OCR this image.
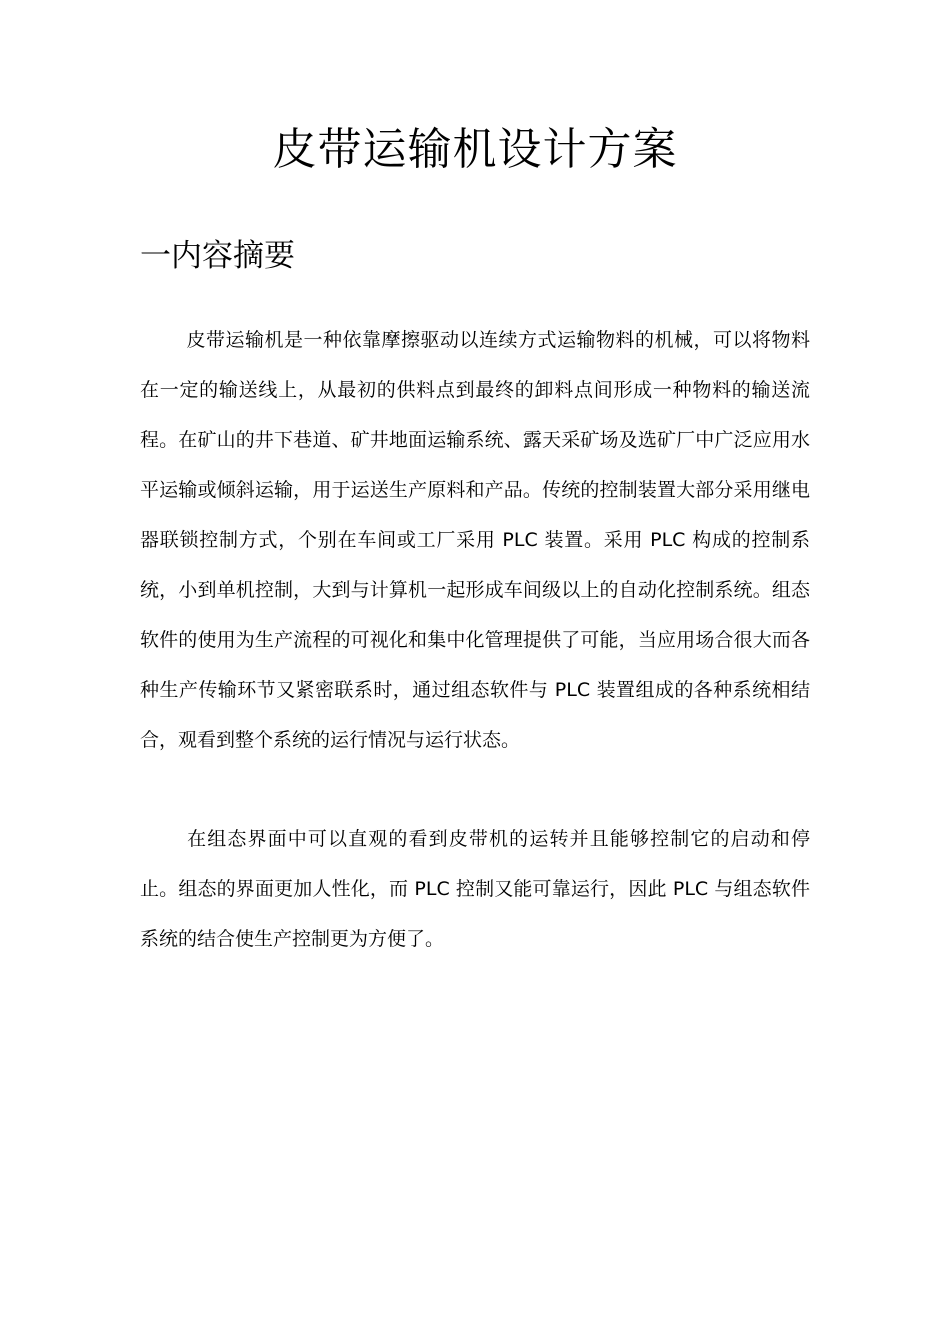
皮带运输机设计方案
一内容摘要

皮带运输机是一种依靠摩擦驱动以连续方式运输物料的机械，可以将物料在一定的输送线上，从最初的供料点到最终的卸料点间形成一种物料的输送流程。在矿山的井下巷道、矿井地面运输系统、露天采矿场及选矿厂中广泛应用水平运输或倾斜运输，用于运送生产原料和产品。传统的控制装置大部分采用继电器联锁控制方式，个别在车间或工厂采用 PLC 装置。采用 PLC 构成的控制系统，小到单机控制，大到与计算机一起形成车间级以上的自动化控制系统。组态软件的使用为生产流程的可视化和集中化管理提供了可能，当应用场合很大而各种生产传输环节又紧密联系时，通过组态软件与 PLC 装置组成的各种系统相结合，观看到整个系统的运行情况与运行状态。

在组态界面中可以直观的看到皮带机的运转并且能够控制它的启动和停止。组态的界面更加人性化，而 PLC 控制又能可靠运行，因此 PLC 与组态软件系统的结合使生产控制更为方便了。
